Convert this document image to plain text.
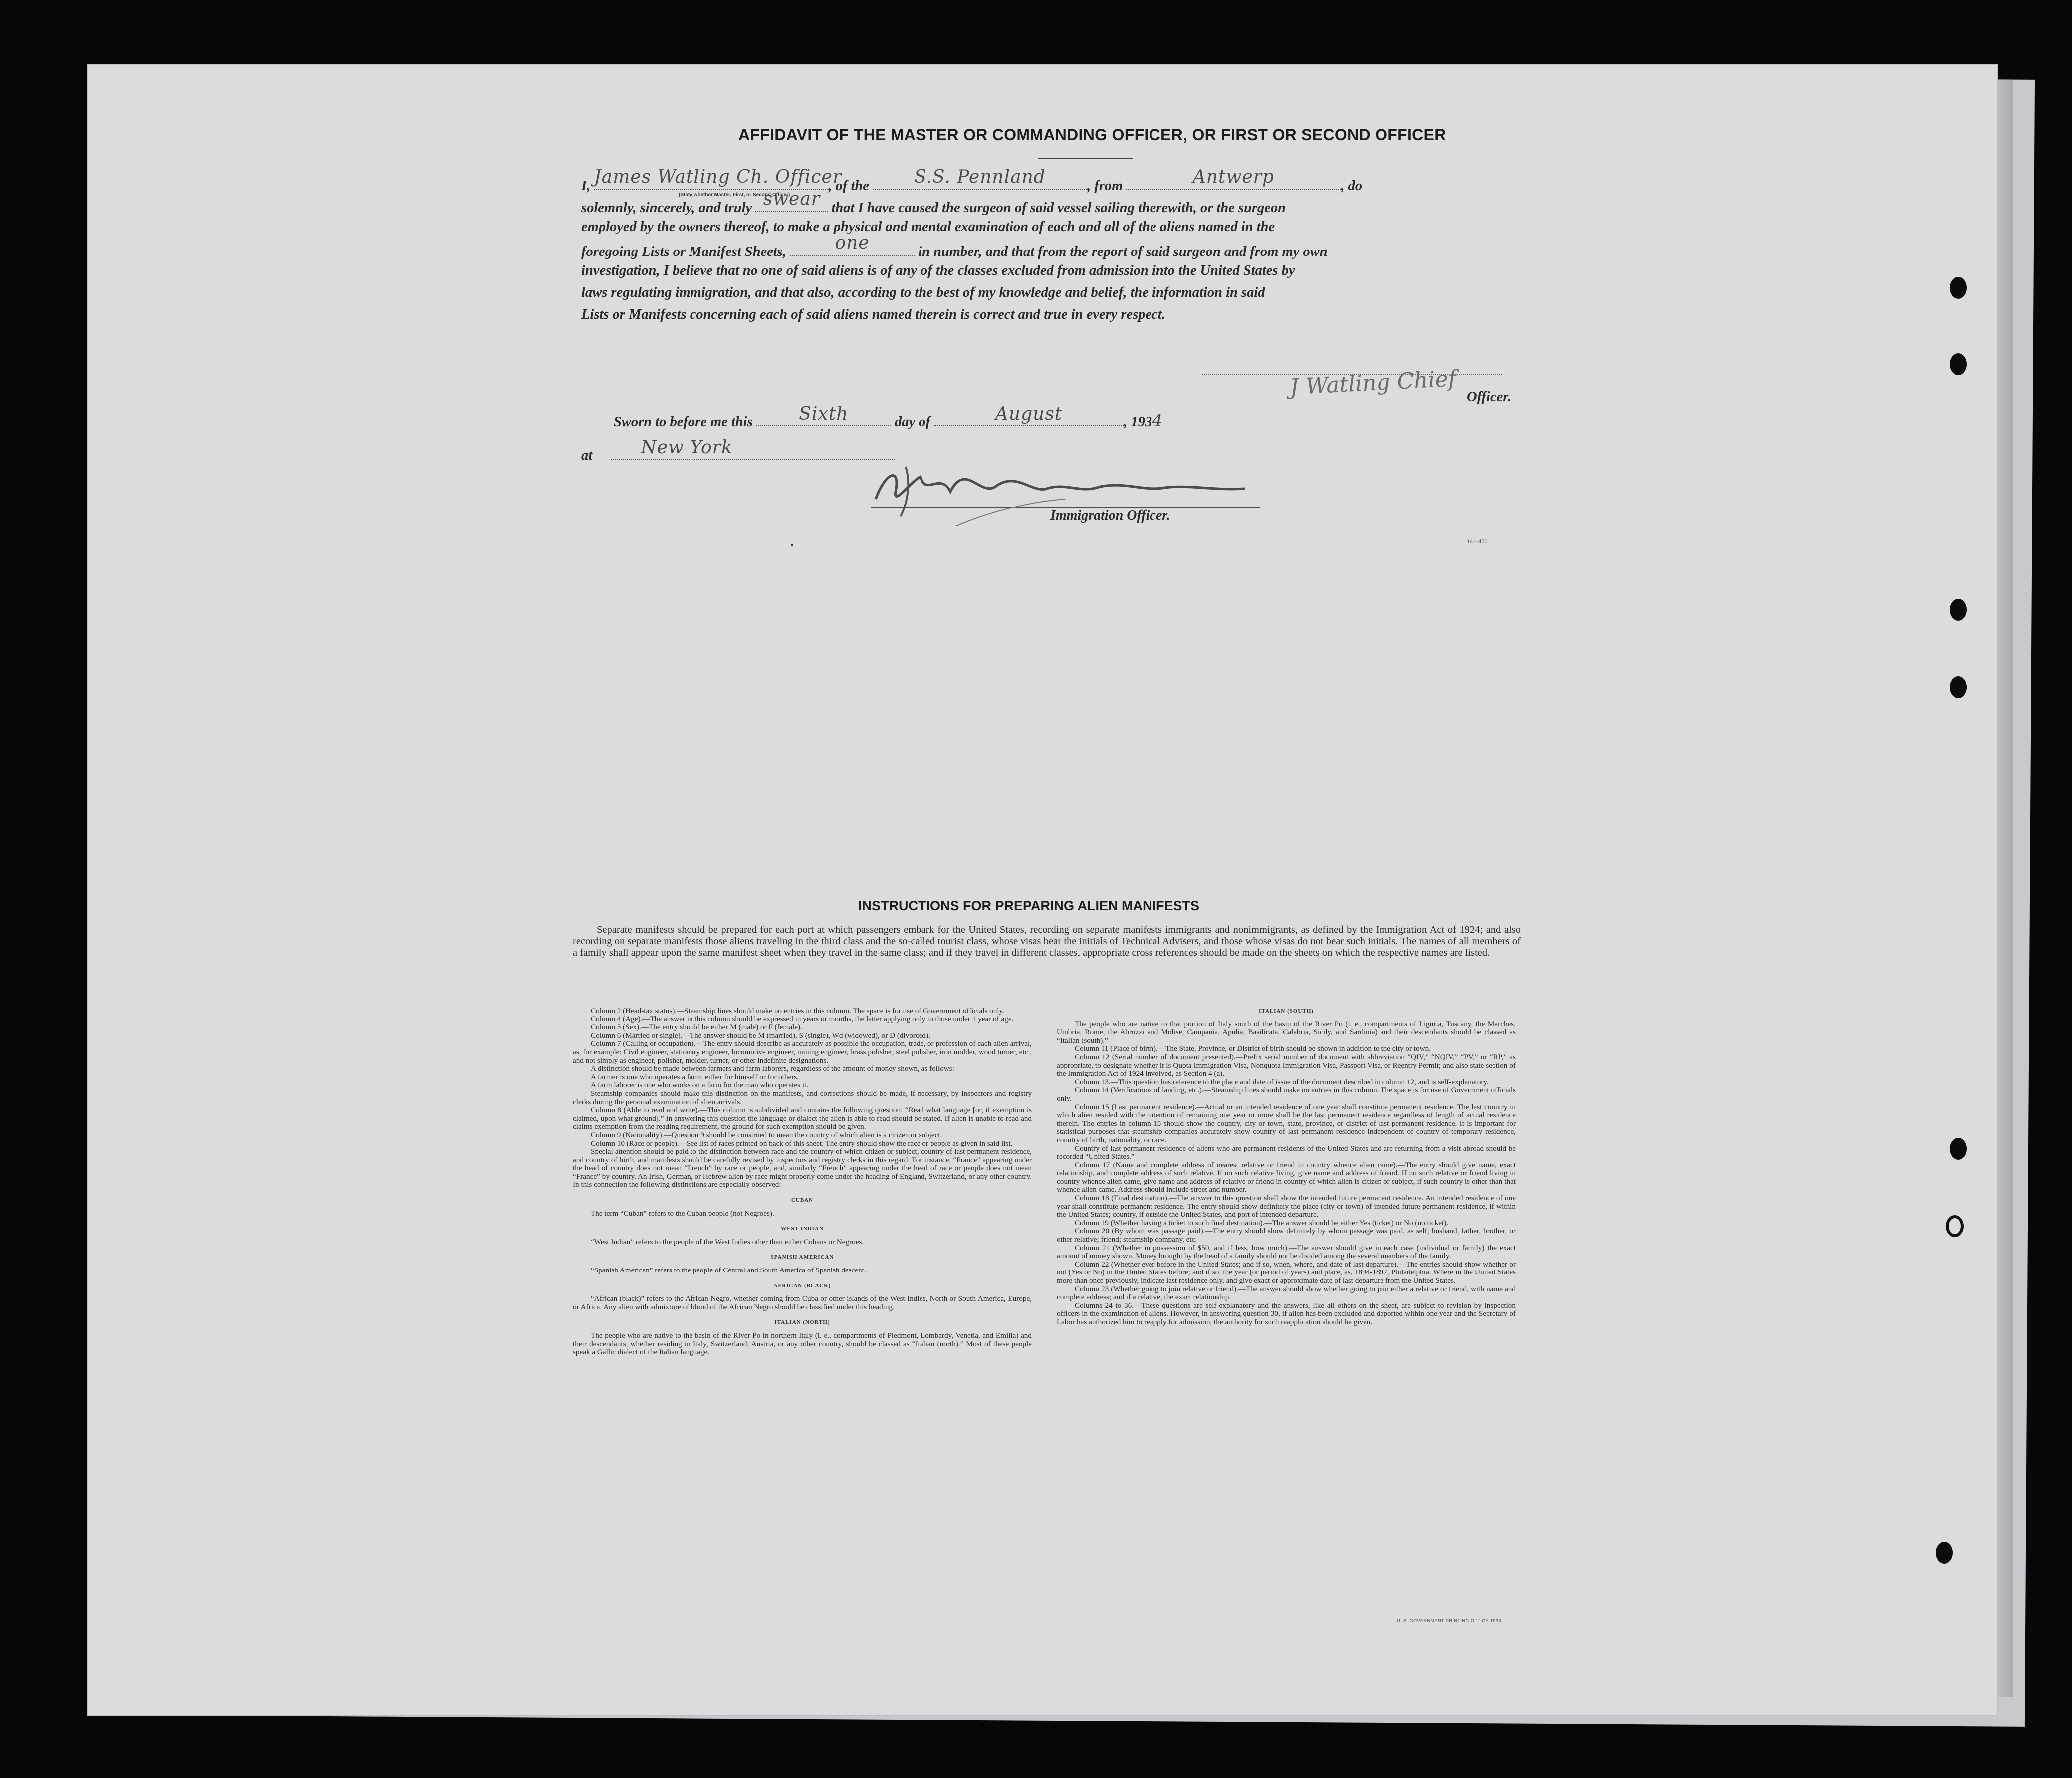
AFFIDAVIT OF THE MASTER OR COMMANDING OFFICER, OR FIRST OR SECOND OFFICER
I, James Watling Ch. Officer
, of the	S.S. Pennland	, from	Antwerp	, do
solemnly, sincerely, and truly swear that I have caused the surgeon of said vessel sailing therewith, or the surgeon
employed by the owners thereof, to make a physical and mental examination of each and all of the aliens named in the
foregoing Lists or Manifest Sheets,	one	in number, and that from the report of said surgeon and from my own
investigation, I believe that no one of said aliens is of any of the classes excluded from admission into the United States by
laws regulating immigration, and that also, according to the best of my knowledge and belief, the information in said
Lists or Manifests concerning each of said aliens named therein is correct and true in every respect.
(State whether Master, First, or Second Officer)
J Watling Chief Officer.
Sworn to before me this	Sixth	day of	August	, 1934
at	New York
Immigration Officer.
14—450
INSTRUCTIONS FOR PREPARING ALIEN MANIFESTS
Separate manifests should be prepared for each port at which passengers embark for the United States, recording on separate manifests immigrants and nonimmigrants, as defined by the Immigration Act of 1924; and also recording on separate manifests those aliens traveling in the third class and the so-called tourist class, whose visas bear the initials of Technical Advisers, and those whose visas do not bear such initials. The names of all members of a family shall appear upon the same manifest sheet when they travel in the same class; and if they travel in different classes, appropriate cross references should be made on the sheets on which the respective names are listed.

Column 2 (Head-tax status).—Steamship lines should make no entries in this column. The space is for use of Government officials only.

Column 4 (Age).—The answer in this column should be expressed in years or months, the latter applying only to those under 1 year of age.

Column 5 (Sex).—The entry should be either M (male) or F (female).

Column 6 (Married or single).—The answer should be M (married), S (single), Wd (widowed), or D (divorced).

Column 7 (Calling or occupation).—The entry should describe as accurately as possible the occupation, trade, or profession of each alien arrival, as, for example: Civil engineer, stationary engineer, locomotive engineer, mining engineer, brass polisher, steel polisher, iron molder, wood turner, etc., and not simply as engineer, polisher, molder, turner, or other indefinite designations.

A distinction should be made between farmers and farm laborers, regardless of the amount of money shown, as follows:

A farmer is one who operates a farm, either for himself or for others.

A farm laborer is one who works on a farm for the man who operates it.

Steamship companies should make this distinction on the manifests, and corrections should be made, if necessary, by inspectors and registry clerks during the personal examination of alien arrivals.

Column 8 (Able to read and write).—This column is subdivided and contains the following question: “Read what language [or, if exemption is claimed, upon what ground].” In answering this question the language or dialect the alien is able to read should be stated. If alien is unable to read and claims exemption from the reading requirement, the ground for such exemption should be given.

Column 9 (Nationality).—Question 9 should be construed to mean the country of which alien is a citizen or subject.

Column 10 (Race or people).—See list of races printed on back of this sheet. The entry should show the race or people as given in said list.

Special attention should be paid to the distinction between race and the country of which citizen or subject, country of last permanent residence, and country of birth, and manifests should be carefully revised by inspectors and registry clerks in this regard. For instance, “France” appearing under the head of country does not mean “French” by race or people, and, similarly “French” appearing under the head of race or people does not mean “France” by country. An Irish, German, or Hebrew alien by race might properly come under the heading of England, Switzerland, or any other country. In this connection the following distinctions are especially observed:

CUBAN

The term “Cuban” refers to the Cuban people (not Negroes).

WEST INDIAN

“West Indian” refers to the people of the West Indies other than either Cubans or Negroes.

SPANISH AMERICAN

“Spanish American” refers to the people of Central and South America of Spanish descent.

AFRICAN (BLACK)

“African (black)” refers to the African Negro, whether coming from Cuba or other islands of the West Indies, North or South America, Europe, or Africa. Any alien with admixture of blood of the African Negro should be classified under this heading.

ITALIAN (NORTH)

The people who are native to the basin of the River Po in northern Italy (i. e., compartments of Piedmont, Lombardy, Venetia, and Emilia) and their descendants, whether residing in Italy, Switzerland, Austria, or any other country, should be classed as “Italian (north).” Most of these people speak a Gallic dialect of the Italian language.

ITALIAN (SOUTH)

The people who are native to that portion of Italy south of the basin of the River Po (i. e., compartments of Liguria, Tuscany, the Marches, Umbria, Rome, the Abruzzi and Molise, Campania, Apulia, Basilicata, Calabria, Sicily, and Sardinia) and their descendants should be classed as “Italian (south).”

Column 11 (Place of birth).—The State, Province, or District of birth should be shown in addition to the city or town.

Column 12 (Serial number of document presented).—Prefix serial number of document with abbreviation “QIV,” “NQIV,” “PV,” or “RP,” as appropriate, to designate whether it is Quota Immigration Visa, Nonquota Immigration Visa, Passport Visa, or Reentry Permit; and also state section of the Immigration Act of 1924 involved, as Section 4 (a).

Column 13.—This question has reference to the place and date of issue of the document described in column 12, and is self-explanatory.

Column 14 (Verifications of landing, etc.).—Steamship lines should make no entries in this column. The space is for use of Government officials only.

Column 15 (Last permanent residence).—Actual or an intended residence of one year shall constitute permanent residence. The last country in which alien resided with the intention of remaining one year or more shall be the last permanent residence regardless of length of actual residence therein. The entries in column 15 should show the country, city or town, state, province, or district of last permanent residence. It is important for statistical purposes that steamship companies accurately show country of last permanent residence independent of country of temporary residence, country of birth, nationality, or race.

Country of last permanent residence of aliens who are permanent residents of the United States and are returning from a visit abroad should be recorded “United States.”

Column 17 (Name and complete address of nearest relative or friend in country whence alien came).—The entry should give name, exact relationship, and complete address of such relative. If no such relative living, give name and address of friend. If no such relative or friend living in country whence alien came, give name and address of relative or friend in country of which alien is citizen or subject, if such country is other than that whence alien came. Address should include street and number.

Column 18 (Final destination).—The answer to this question shall show the intended future permanent residence. An intended residence of one year shall constitute permanent residence. The entry should show definitely the place (city or town) of intended future permanent residence, if within the United States; country, if outside the United States, and port of intended departure.

Column 19 (Whether having a ticket to such final destination).—The answer should be either Yes (ticket) or No (no ticket).

Column 20 (By whom was passage paid).—The entry should show definitely by whom passage was paid, as self; husband, father, brother, or other relative; friend; steamship company, etc.

Column 21 (Whether in possession of $50, and if less, how much).—The answer should give in each case (individual or family) the exact amount of money shown. Money brought by the head of a family should not be divided among the several members of the family.

Column 22 (Whether ever before in the United States; and if so, when, where, and date of last departure).—The entries should show whether or not (Yes or No) in the United States before; and if so, the year (or period of years) and place, as, 1894-1897, Philadelphia. Where in the United States more than once previously, indicate last residence only, and give exact or approximate date of last departure from the United States.

Column 23 (Whether going to join relative or friend).—The answer should show whether going to join either a relative or friend, with name and complete address; and if a relative, the exact relationship.

Columns 24 to 36.—These questions are self-explanatory and the answers, like all others on the sheet, are subject to revision by inspection officers in the examination of aliens. However, in answering question 30, if alien has been excluded and deported within one year and the Secretary of Labor has authorized him to reapply for admission, the authority for such reapplication should be given.

U. S. GOVERNMENT PRINTING OFFICE 1933
